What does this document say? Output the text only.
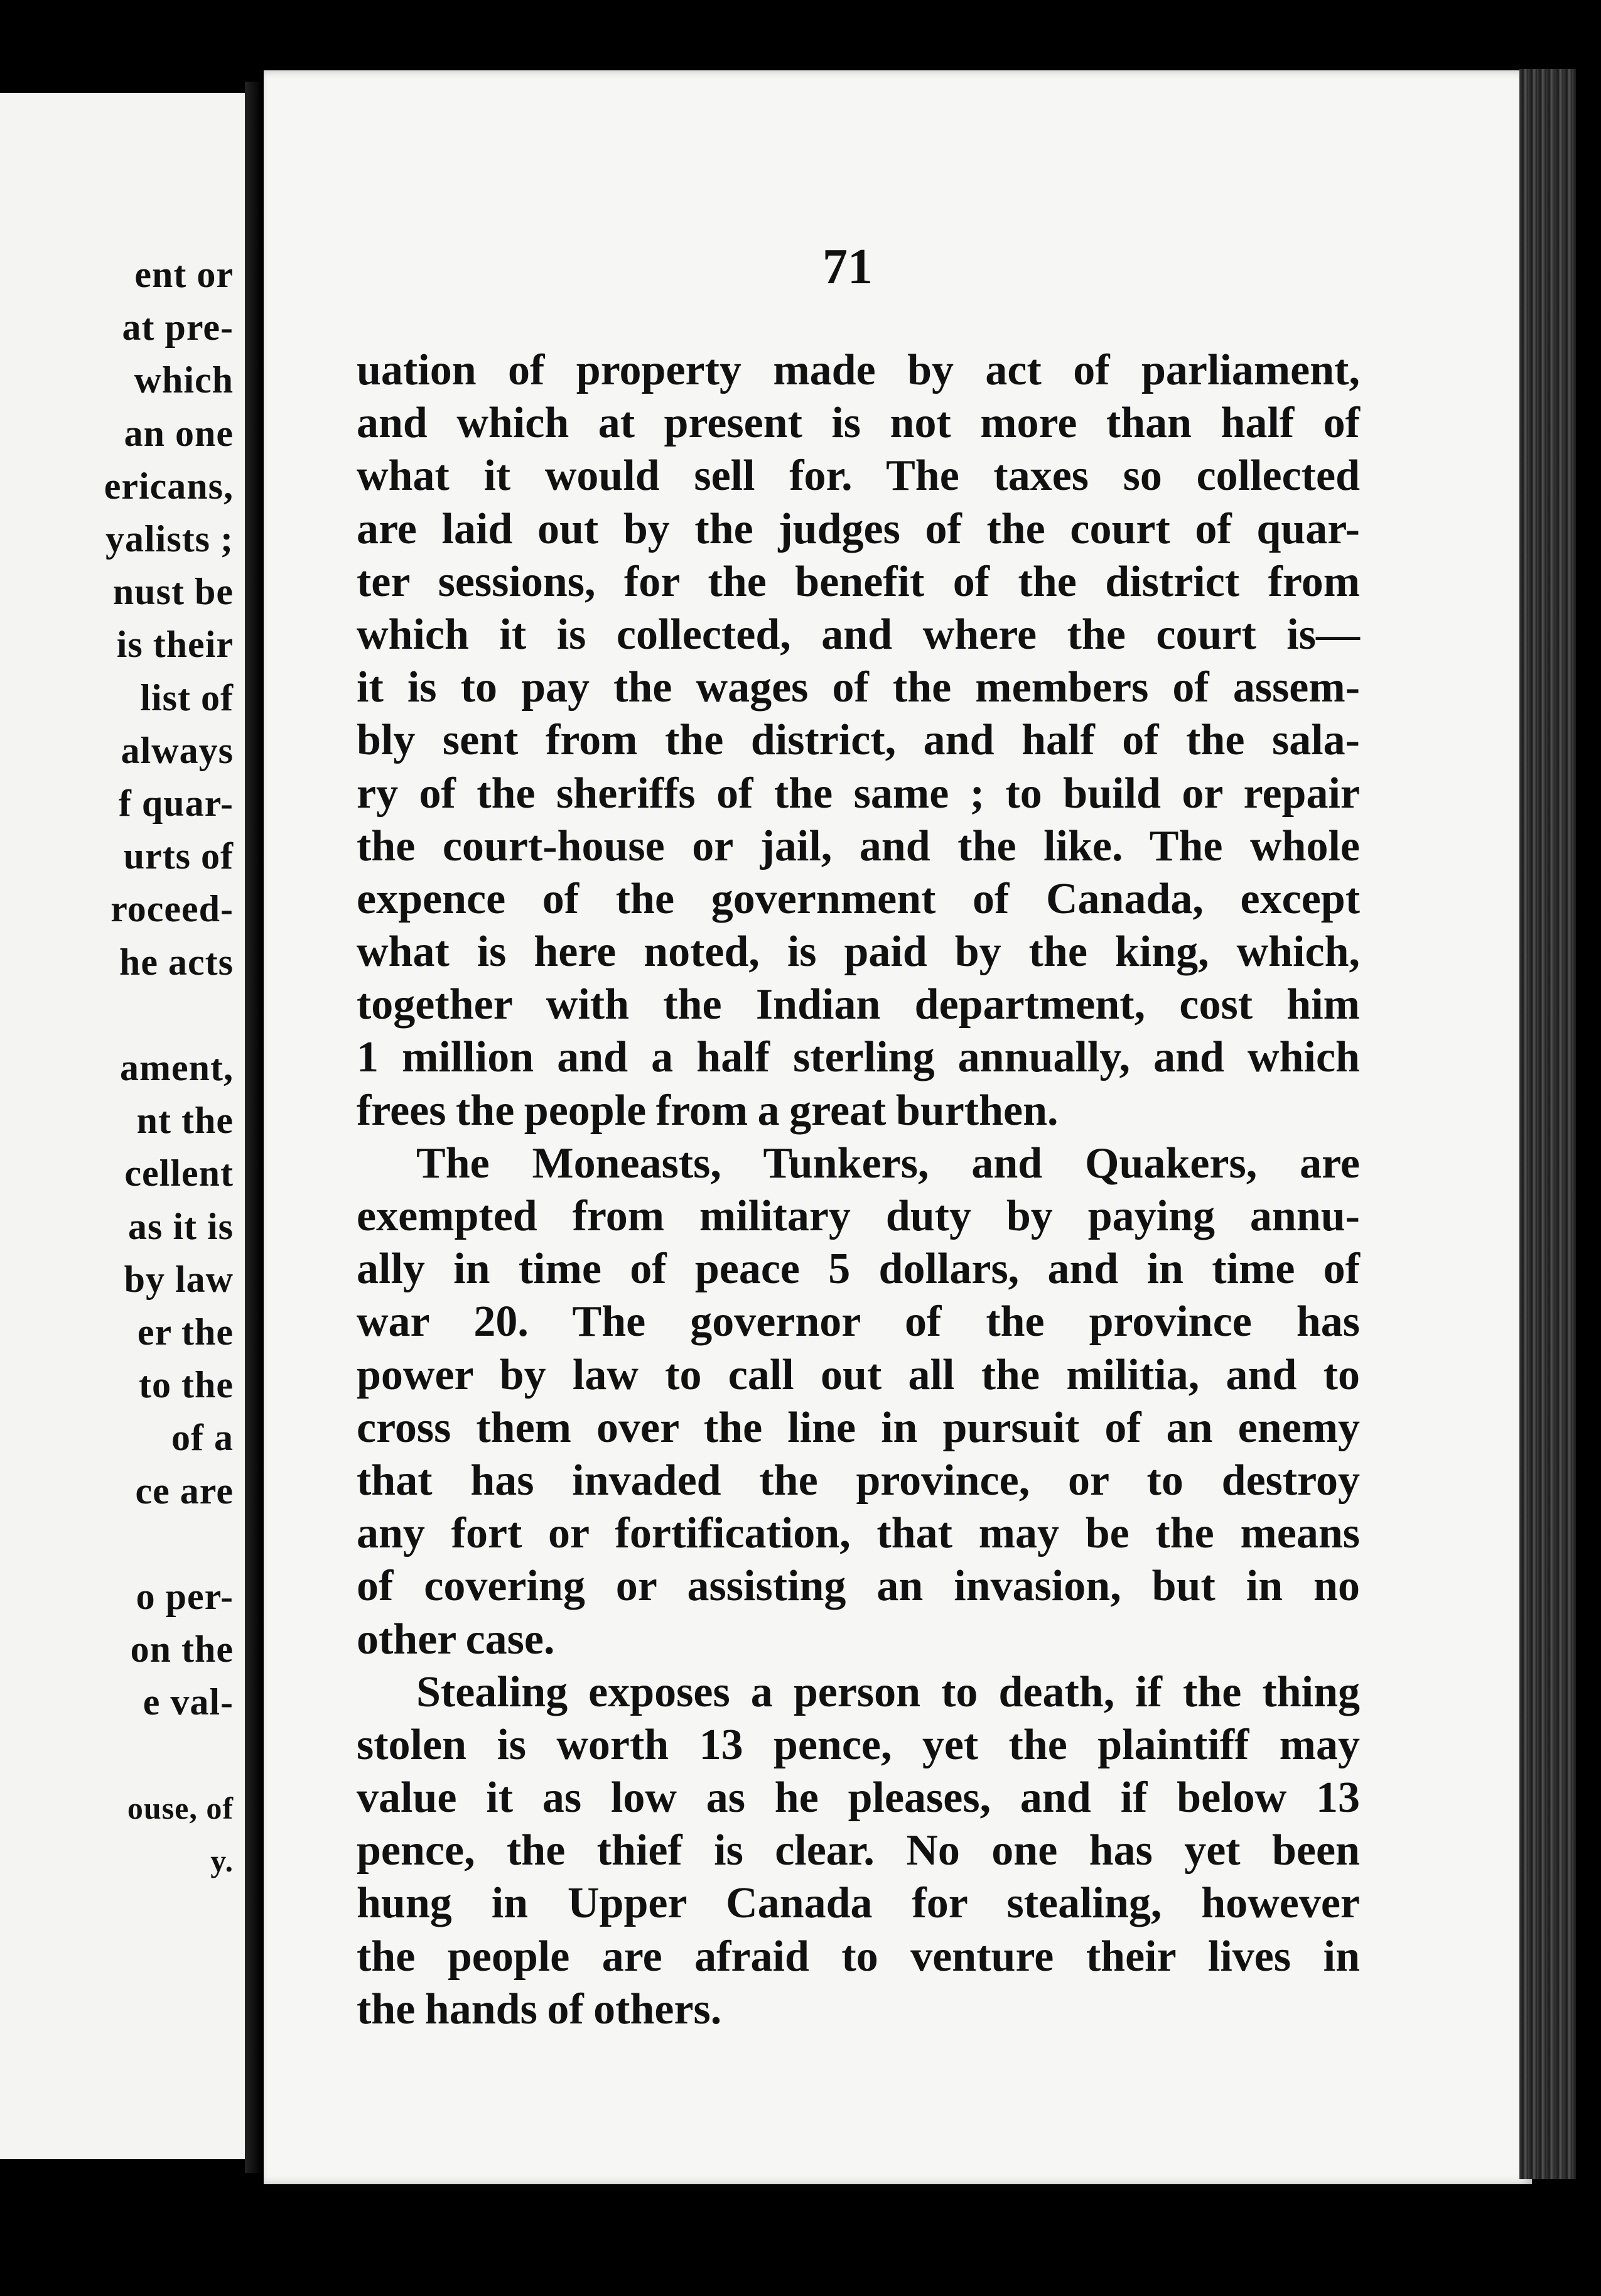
ent or
at pre-
which
an one
ericans,
yalists ;
nust be
is their
list of
always
f quar-
urts of
roceed-
he acts
ament,
nt the
cellent
as it is
by law
er the
to the
of a
ce are
o per-
on the
e val-
ouse, of
y.
71
uation of property made by act of parliament,
and which at present is not more than half of
what it would sell for. The taxes so collected
are laid out by the judges of the court of quar-
ter sessions, for the benefit of the district from
which it is collected, and where the court is—
it is to pay the wages of the members of assem-
bly sent from the district, and half of the sala-
ry of the sheriffs of the same ; to build or repair
the court-house or jail, and the like. The whole
expence of the government of Canada, except
what is here noted, is paid by the king, which,
together with the Indian department, cost him
1 million and a half sterling annually, and which
frees the people from a great burthen.
The Moneasts, Tunkers, and Quakers, are
exempted from military duty by paying annu-
ally in time of peace 5 dollars, and in time of
war 20. The governor of the province has
power by law to call out all the militia, and to
cross them over the line in pursuit of an enemy
that has invaded the province, or to destroy
any fort or fortification, that may be the means
of covering or assisting an invasion, but in no
other case.
Stealing exposes a person to death, if the thing
stolen is worth 13 pence, yet the plaintiff may
value it as low as he pleases, and if below 13
pence, the thief is clear. No one has yet been
hung in Upper Canada for stealing, however
the people are afraid to venture their lives in
the hands of others.
